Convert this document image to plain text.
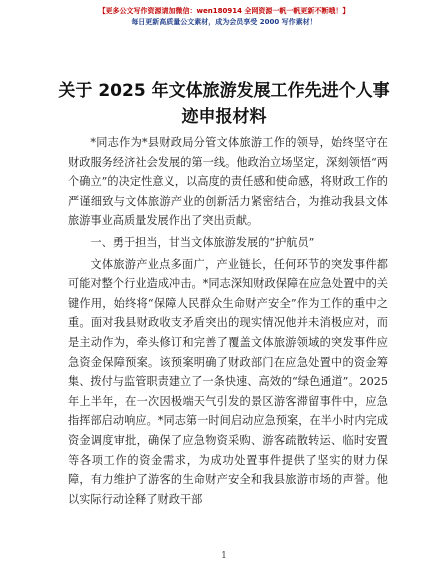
【更多公文写作资源请加微信：wen180914 全网资源一帆一帆更新不断哦！】
每日更新高质量公文素材，成为会员享受 2000 写作素材！
关于 2025 年文体旅游发展工作先进个人事迹申报材料

*同志作为*县财政局分管文体旅游工作的领导，始终坚守在财政服务经济社会发展的第一线。他政治立场坚定，深刻领悟“两个确立”的决定性意义，以高度的责任感和使命感，将财政工作的严谨细致与文体旅游产业的创新活力紧密结合，为推动我县文体旅游事业高质量发展作出了突出贡献。

一、勇于担当，甘当文体旅游发展的“护航员”

文体旅游产业点多面广，产业链长，任何环节的突发事件都可能对整个行业造成冲击。*同志深知财政保障在应急处置中的关键作用，始终将“保障人民群众生命财产安全”作为工作的重中之重。面对我县财政收支矛盾突出的现实情况他并未消极应对，而是主动作为，牵头修订和完善了覆盖文体旅游领域的突发事件应急资金保障预案。该预案明确了财政部门在应急处置中的资金筹集、拨付与监管职责建立了一条快速、高效的“绿色通道”。2025 年上半年，在一次因极端天气引发的景区游客滞留事件中，应急指挥部启动响应。*同志第一时间启动应急预案，在半小时内完成资金调度审批，确保了应急物资采购、游客疏散转运、临时安置等各项工作的资金需求，为成功处置事件提供了坚实的财力保障，有力维护了游客的生命财产安全和我县旅游市场的声誉。他以实际行动诠释了财政干部

1
